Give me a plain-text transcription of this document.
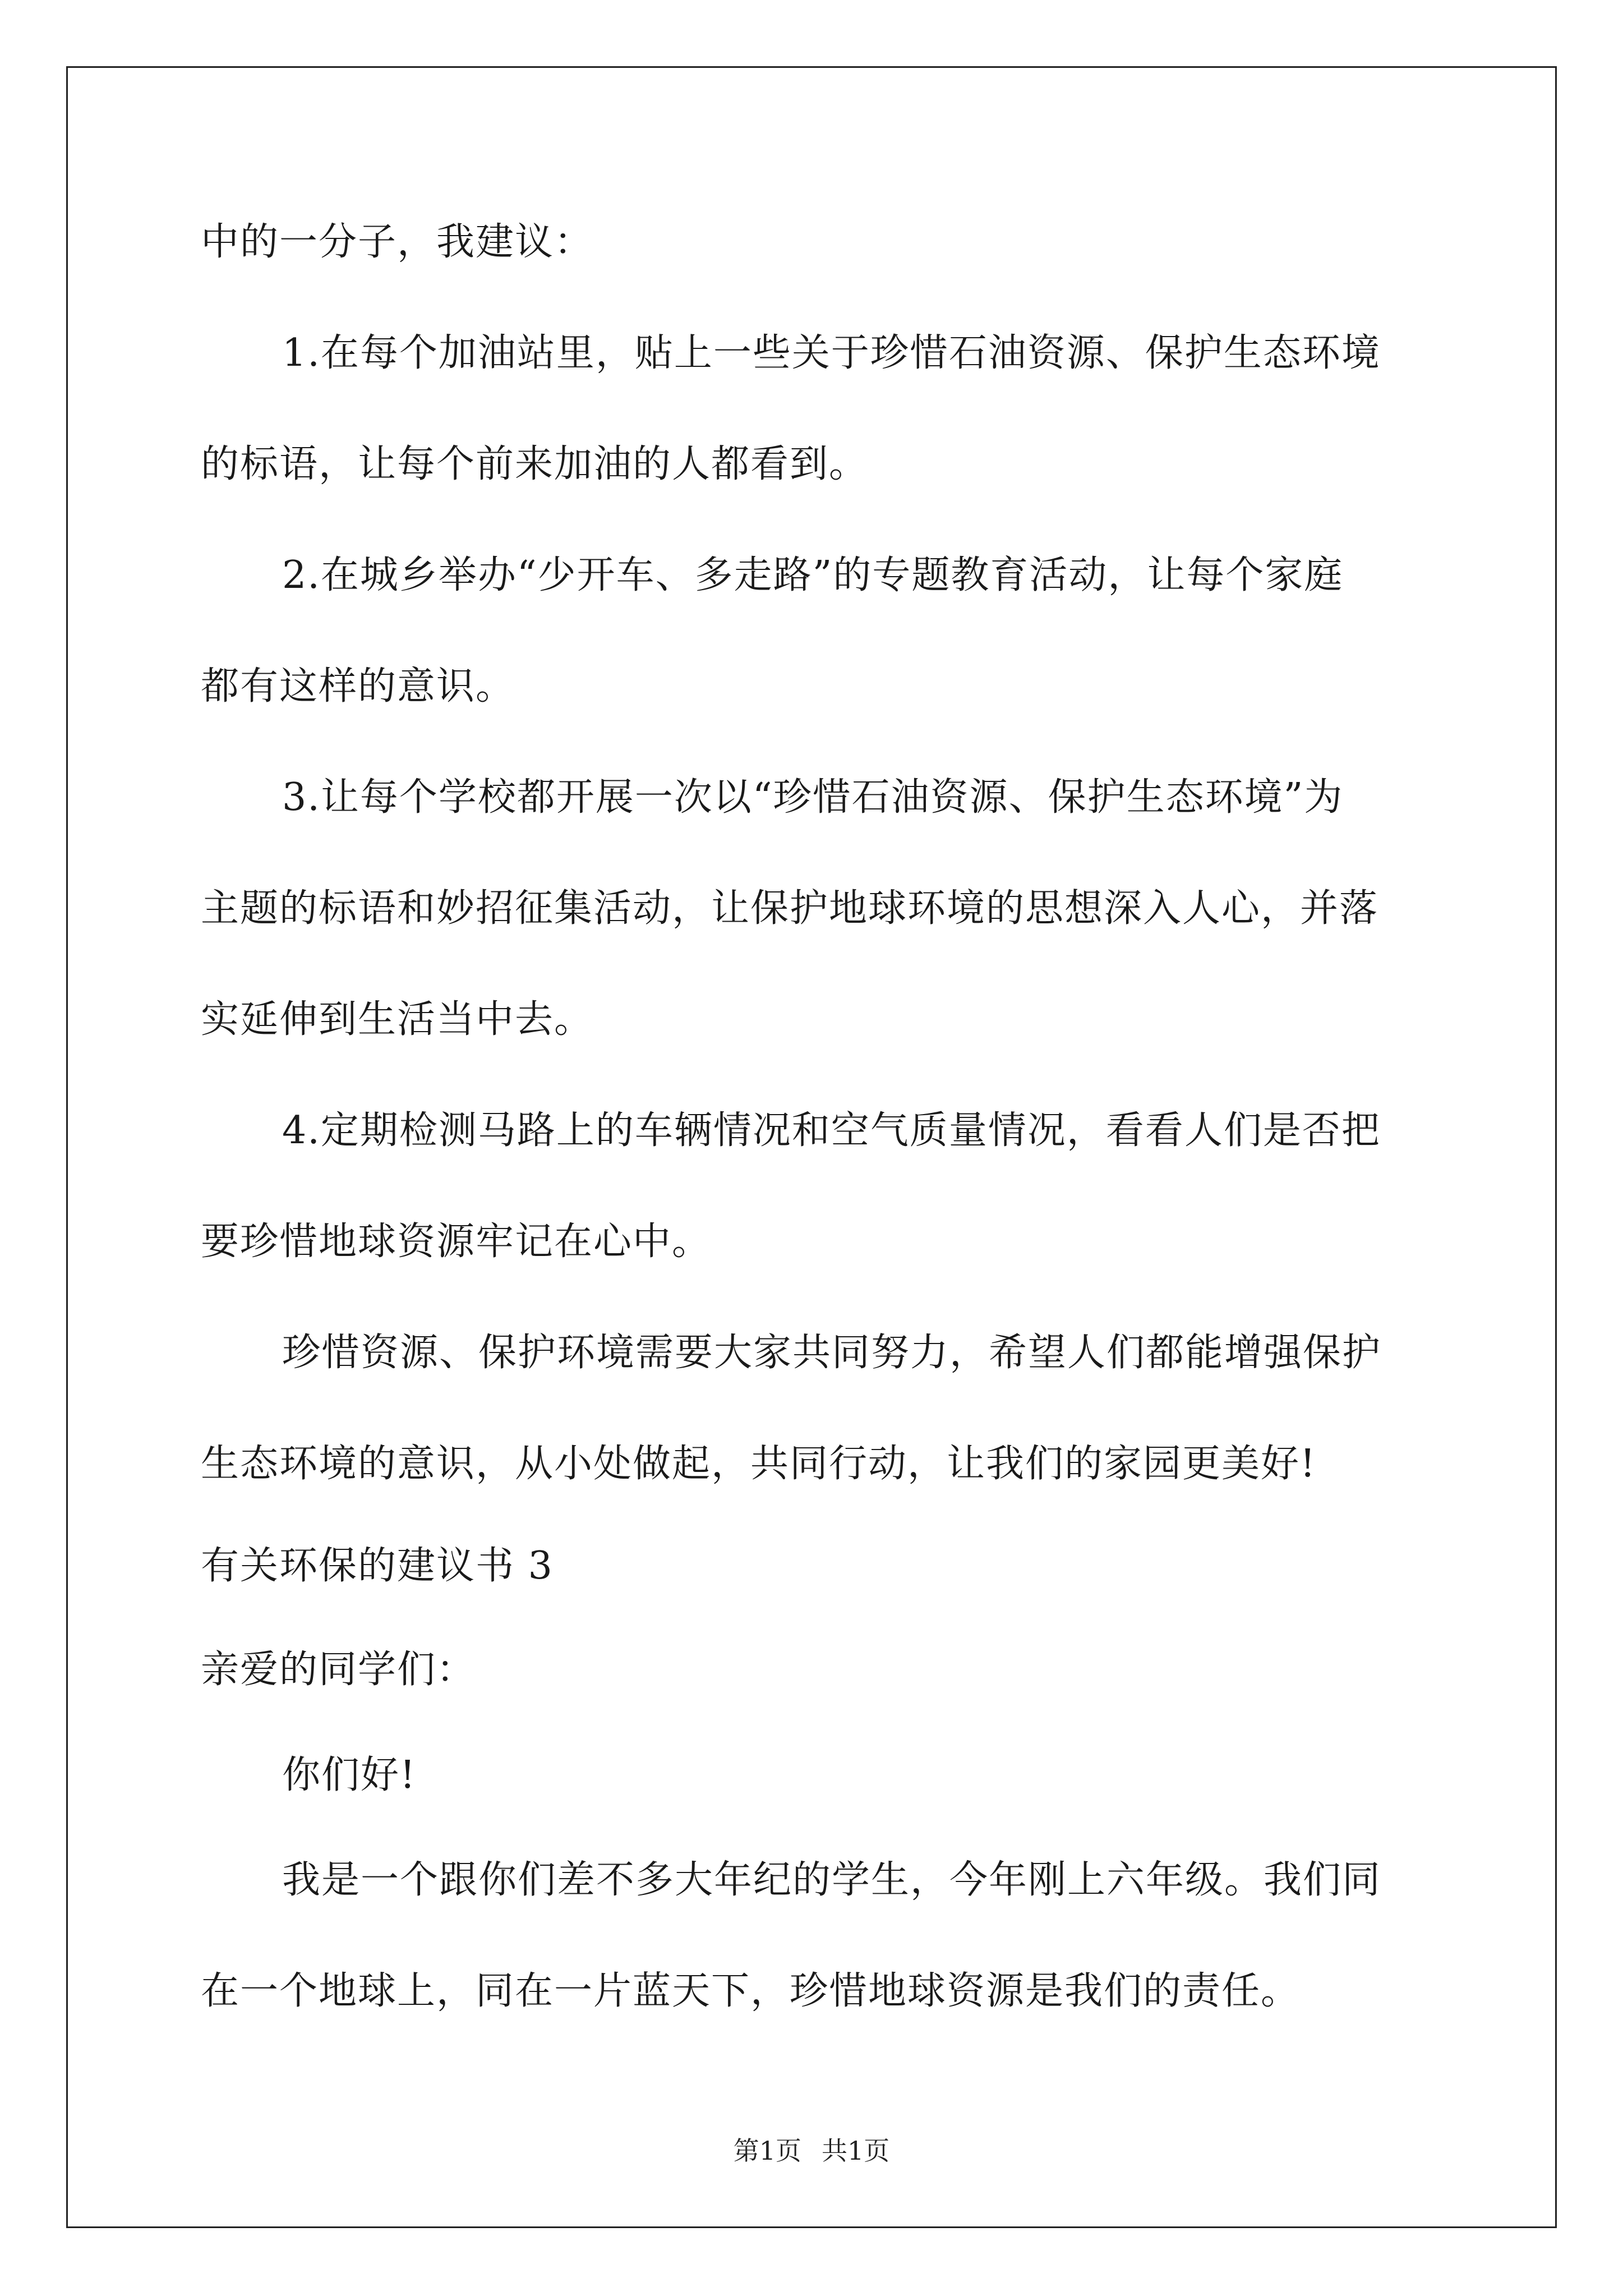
中的一分子，我建议：
1.在每个加油站里，贴上一些关于珍惜石油资源、保护生态环境
的标语，让每个前来加油的人都看到。
2.在城乡举办“少开车、多走路”的专题教育活动，让每个家庭
都有这样的意识。
3.让每个学校都开展一次以“珍惜石油资源、保护生态环境”为
主题的标语和妙招征集活动，让保护地球环境的思想深入人心，并落
实延伸到生活当中去。
4.定期检测马路上的车辆情况和空气质量情况，看看人们是否把
要珍惜地球资源牢记在心中。
珍惜资源、保护环境需要大家共同努力，希望人们都能增强保护
生态环境的意识，从小处做起，共同行动，让我们的家园更美好!
有关环保的建议书 3
亲爱的同学们：
你们好!
我是一个跟你们差不多大年纪的学生，今年刚上六年级。我们同
在一个地球上，同在一片蓝天下，珍惜地球资源是我们的责任。
第1页 共1页
